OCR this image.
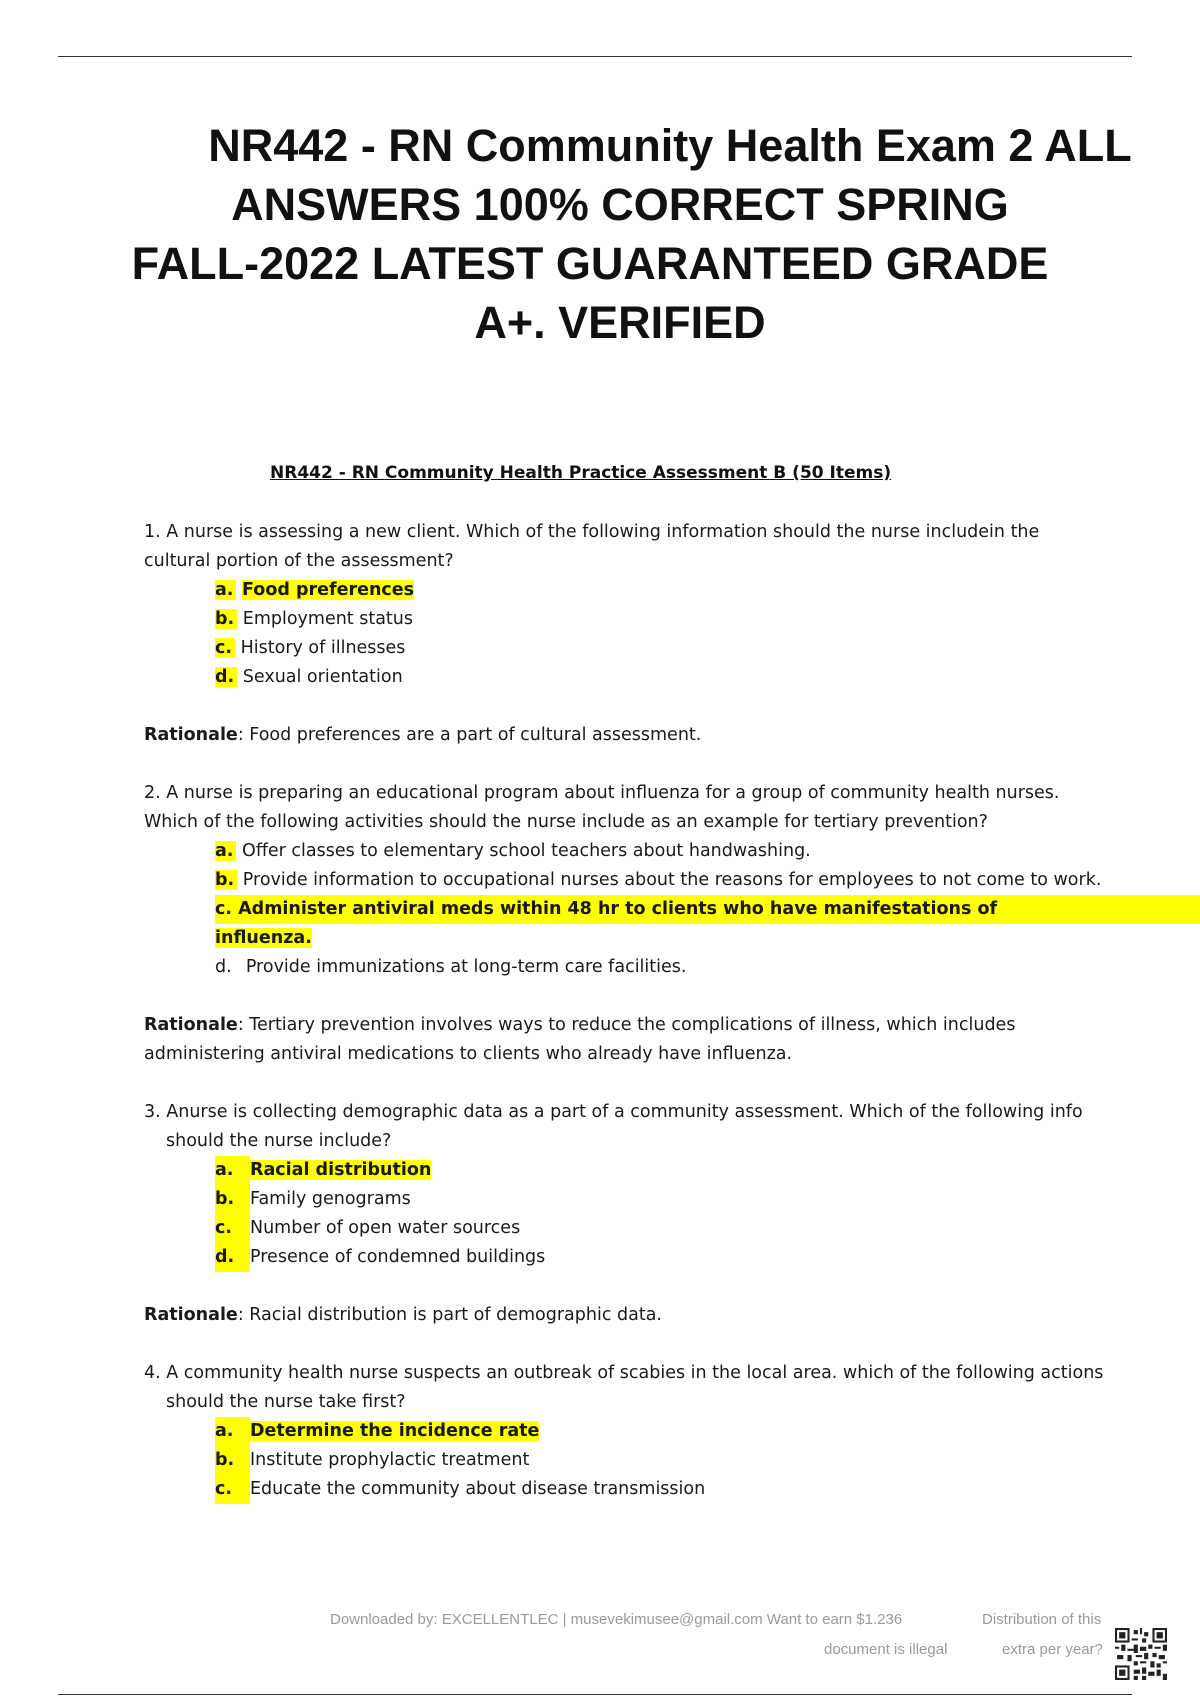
NR442 - RN Community Health Exam 2 ALL
ANSWERS 100% CORRECT SPRING
FALL-2022 LATEST GUARANTEED GRADE
A+. VERIFIED
NR442 - RN Community Health Practice Assessment B (50 Items)
1. A nurse is assessing a new client. Which of the following information should the nurse includein the
cultural portion of the assessment?
a. Food preferences
b. Employment status
c. History of illnesses
d. Sexual orientation
Rationale: Food preferences are a part of cultural assessment.
2. A nurse is preparing an educational program about influenza for a group of community health nurses.
Which of the following activities should the nurse include as an example for tertiary prevention?
a. Offer classes to elementary school teachers about handwashing.
b. Provide information to occupational nurses about the reasons for employees to not come to work.
c. Administer antiviral meds within 48 hr to clients who have manifestations of
influenza.
d. Provide immunizations at long-term care facilities.
Rationale: Tertiary prevention involves ways to reduce the complications of illness, which includes
administering antiviral medications to clients who already have influenza.
3. Anurse is collecting demographic data as a part of a community assessment. Which of the following info
should the nurse include?
a. Racial distribution
b. Family genograms
c. Number of open water sources
d. Presence of condemned buildings
Rationale: Racial distribution is part of demographic data.
4. A community health nurse suspects an outbreak of scabies in the local area. which of the following actions
should the nurse take first?
a. Determine the incidence rate
b. Institute prophylactic treatment
c. Educate the community about disease transmission
Downloaded by: EXCELLENTLEC | musevekimusee@gmail.com Want to earn $1.236	Distribution of this
document is illegal	extra per year?
